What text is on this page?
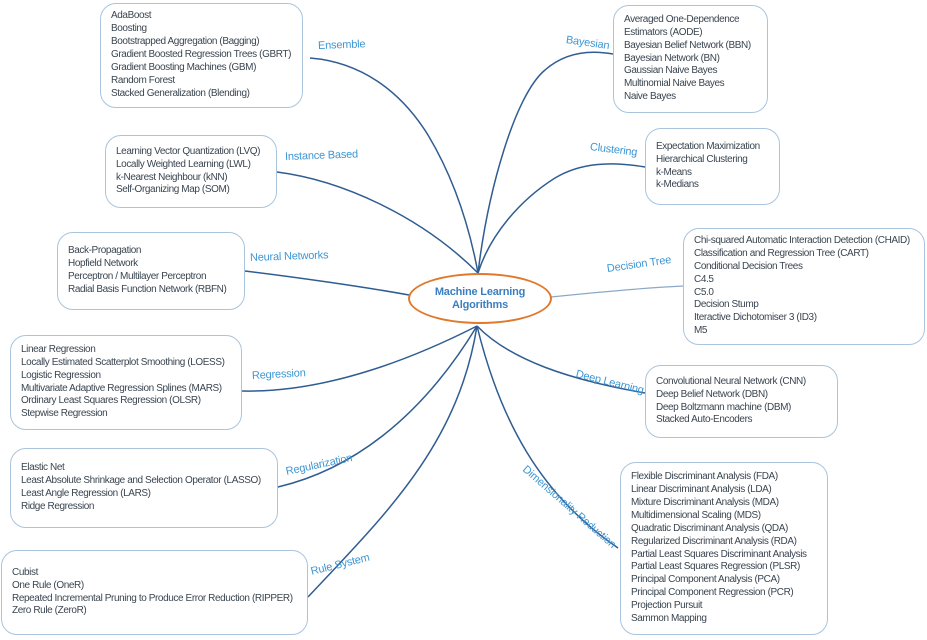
AdaBoost
Boosting
Bootstrapped Aggregation (Bagging)
Gradient Boosted Regression Trees (GBRT)
Gradient Boosting Machines (GBM)
Random Forest
Stacked Generalization (Blending)
Averaged One-Dependence Estimators (AODE)
Bayesian Belief Network (BBN)
Bayesian Network (BN)
Gaussian Naive Bayes
Multinomial Naive Bayes
Naive Bayes
Learning Vector Quantization (LVQ)
Locally Weighted Learning (LWL)
k-Nearest Neighbour (kNN)
Self-Organizing Map (SOM)
Expectation Maximization
Hierarchical Clustering
k-Means
k-Medians
Back-Propagation
Hopfield Network
Perceptron / Multilayer Perceptron
Radial Basis Function Network (RBFN)
Chi-squared Automatic Interaction Detection (CHAID)
Classification and Regression Tree (CART)
Conditional Decision Trees
C4.5
C5.0
Decision Stump
Iteractive Dichotomiser 3 (ID3)
M5
Linear Regression
Locally Estimated Scatterplot Smoothing (LOESS)
Logistic Regression
Multivariate Adaptive Regression Splines (MARS)
Ordinary Least Squares Regression (OLSR)
Stepwise Regression
Convolutional Neural Network (CNN)
Deep Belief Network (DBN)
Deep Boltzmann machine (DBM)
Stacked Auto-Encoders
Elastic Net
Least Absolute Shrinkage and Selection Operator (LASSO)
Least Angle Regression (LARS)
Ridge Regression
Flexible Discriminant Analysis (FDA)
Linear Discriminant Analysis (LDA)
Mixture Discriminant Analysis (MDA)
Multidimensional Scaling (MDS)
Quadratic Discriminant Analysis (QDA)
Regularized Discriminant Analysis (RDA)
Partial Least Squares Discriminant Analysis
Partial Least Squares Regression (PLSR)
Principal Component Analysis (PCA)
Principal Component Regression (PCR)
Projection Pursuit
Sammon Mapping
Cubist
One Rule (OneR)
Repeated Incremental Pruning to Produce Error Reduction (RIPPER)
Zero Rule (ZeroR)
Ensemble	Bayesian
Instance Based	Clustering
Neural Networks	Decision Tree
Regression	Deep Learning
Regularization	Dimensionality Reduction
Rule System
Machine Learning Algorithms
